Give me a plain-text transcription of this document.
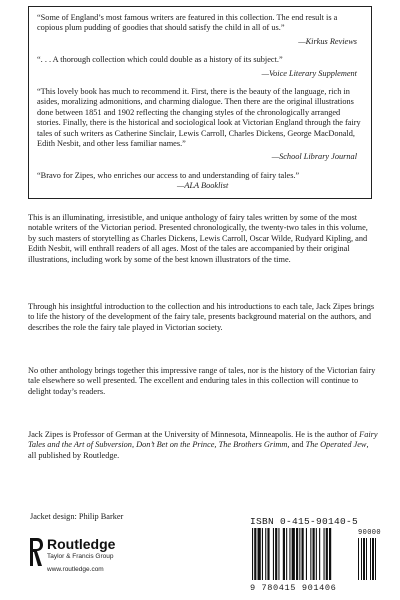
“Some of England’s most famous writers are featured in this collection. The end result is a copious plum pudding of goodies that should satisfy the child in all of us.”

—Kirkus Reviews

“. . . A thorough collection which could double as a history of its subject.”

—Voice Literary Supplement

“This lovely book has much to recommend it. First, there is the beauty of the language, rich in asides, moralizing admonitions, and charming dialogue. Then there are the original illustrations done between 1851 and 1902 reflecting the changing styles of the chronologically arranged stories. Finally, there is the historical and sociological look at Victorian England through the fairy tales of such writers as Catherine Sinclair, Lewis Carroll, Charles Dickens, George MacDonald, Edith Nesbit, and other less familiar names.”

—School Library Journal

“Bravo for Zipes, who enriches our access to and understanding of fairy tales.”
—ALA Booklist

This is an illuminating, irresistible, and unique anthology of fairy tales written by some of the most notable writers of the Victorian period. Presented chronologically, the twenty-two tales in this volume, by such masters of storytelling as Charles Dickens, Lewis Carroll, Oscar Wilde, Rudyard Kipling, and Edith Nesbit, will enthrall readers of all ages. Most of the tales are accompanied by their original illustrations, including work by some of the best known illustrators of the time.

Through his insightful introduction to the collection and his introductions to each tale, Jack Zipes brings to life the history of the development of the fairy tale, presents background material on the authors, and describes the role the fairy tale played in Victorian society.

No other anthology brings together this impressive range of tales, nor is the history of the Victorian fairy tale elsewhere so well presented. The excellent and enduring tales in this collection will continue to delight today’s readers.

Jack Zipes is Professor of German at the University of Minnesota, Minneapolis. He is the author of Fairy Tales and the Art of Subversion, Don’t Bet on the Prince, The Brothers Grimm, and The Operated Jew, all published by Routledge.

Jacket design: Philip Barker
Routledge
Taylor & Francis Group
www.routledge.com
ISBN 0-415-90140-5
90000
9 780415 901406
